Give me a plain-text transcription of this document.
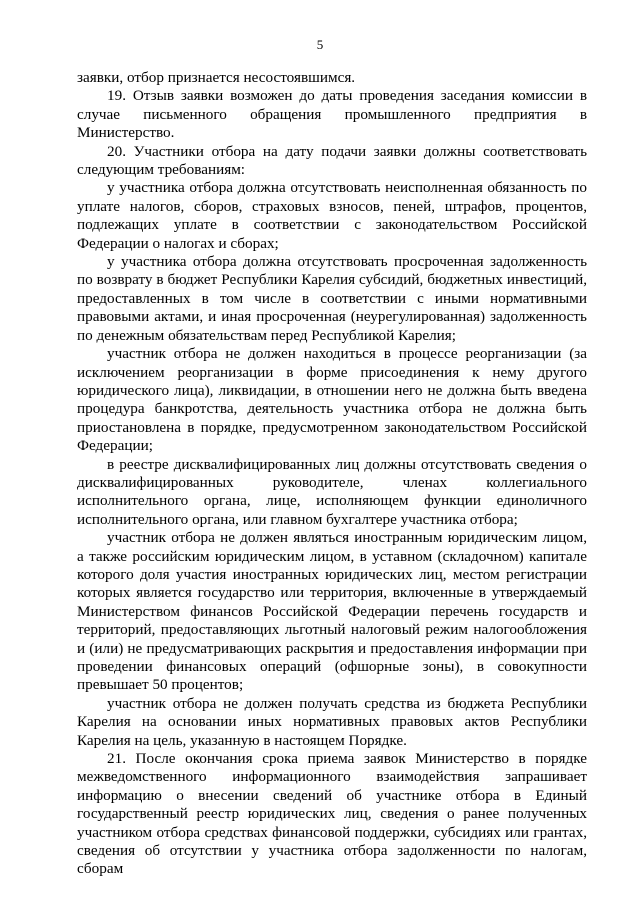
5

заявки, отбор признается несостоявшимся.

19. Отзыв заявки возможен до даты проведения заседания комиссии в случае письменного обращения промышленного предприятия в Министерство.

20. Участники отбора на дату подачи заявки должны соответствовать следующим требованиям:

у участника отбора должна отсутствовать неисполненная обязанность по уплате налогов, сборов, страховых взносов, пеней, штрафов, процентов, подлежащих уплате в соответствии с законодательством Российской Федерации о налогах и сборах;

у участника отбора должна отсутствовать просроченная задолженность по возврату в бюджет Республики Карелия субсидий, бюджетных инвестиций, предоставленных в том числе в соответствии с иными нормативными правовыми актами, и иная просроченная (неурегулированная) задолженность по денежным обязательствам перед Республикой Карелия;

участник отбора не должен находиться в процессе реорганизации (за исключением реорганизации в форме присоединения к нему другого юридического лица), ликвидации, в отношении него не должна быть введена процедура банкротства, деятельность участника отбора не должна быть приостановлена в порядке, предусмотренном законодательством Российской Федерации;

в реестре дисквалифицированных лиц должны отсутствовать сведения о дисквалифицированных руководителе, членах коллегиального исполнительного органа, лице, исполняющем функции единоличного исполнительного органа, или главном бухгалтере участника отбора;

участник отбора не должен являться иностранным юридическим лицом, а также российским юридическим лицом, в уставном (складочном) капитале которого доля участия иностранных юридических лиц, местом регистрации которых является государство или территория, включенные в утверждаемый Министерством финансов Российской Федерации перечень государств и территорий, предоставляющих льготный налоговый режим налогообложения и (или) не предусматривающих раскрытия и предоставления информации при проведении финансовых операций (офшорные зоны), в совокупности превышает 50 процентов;

участник отбора не должен получать средства из бюджета Республики Карелия на основании иных нормативных правовых актов Республики Карелия на цель, указанную в настоящем Порядке.

21. После окончания срока приема заявок Министерство в порядке межведомственного информационного взаимодействия запрашивает информацию о внесении сведений об участнике отбора в Единый государственный реестр юридических лиц, сведения о ранее полученных участником отбора средствах финансовой поддержки, субсидиях или грантах, сведения об отсутствии у участника отбора задолженности по налогам, сборам
